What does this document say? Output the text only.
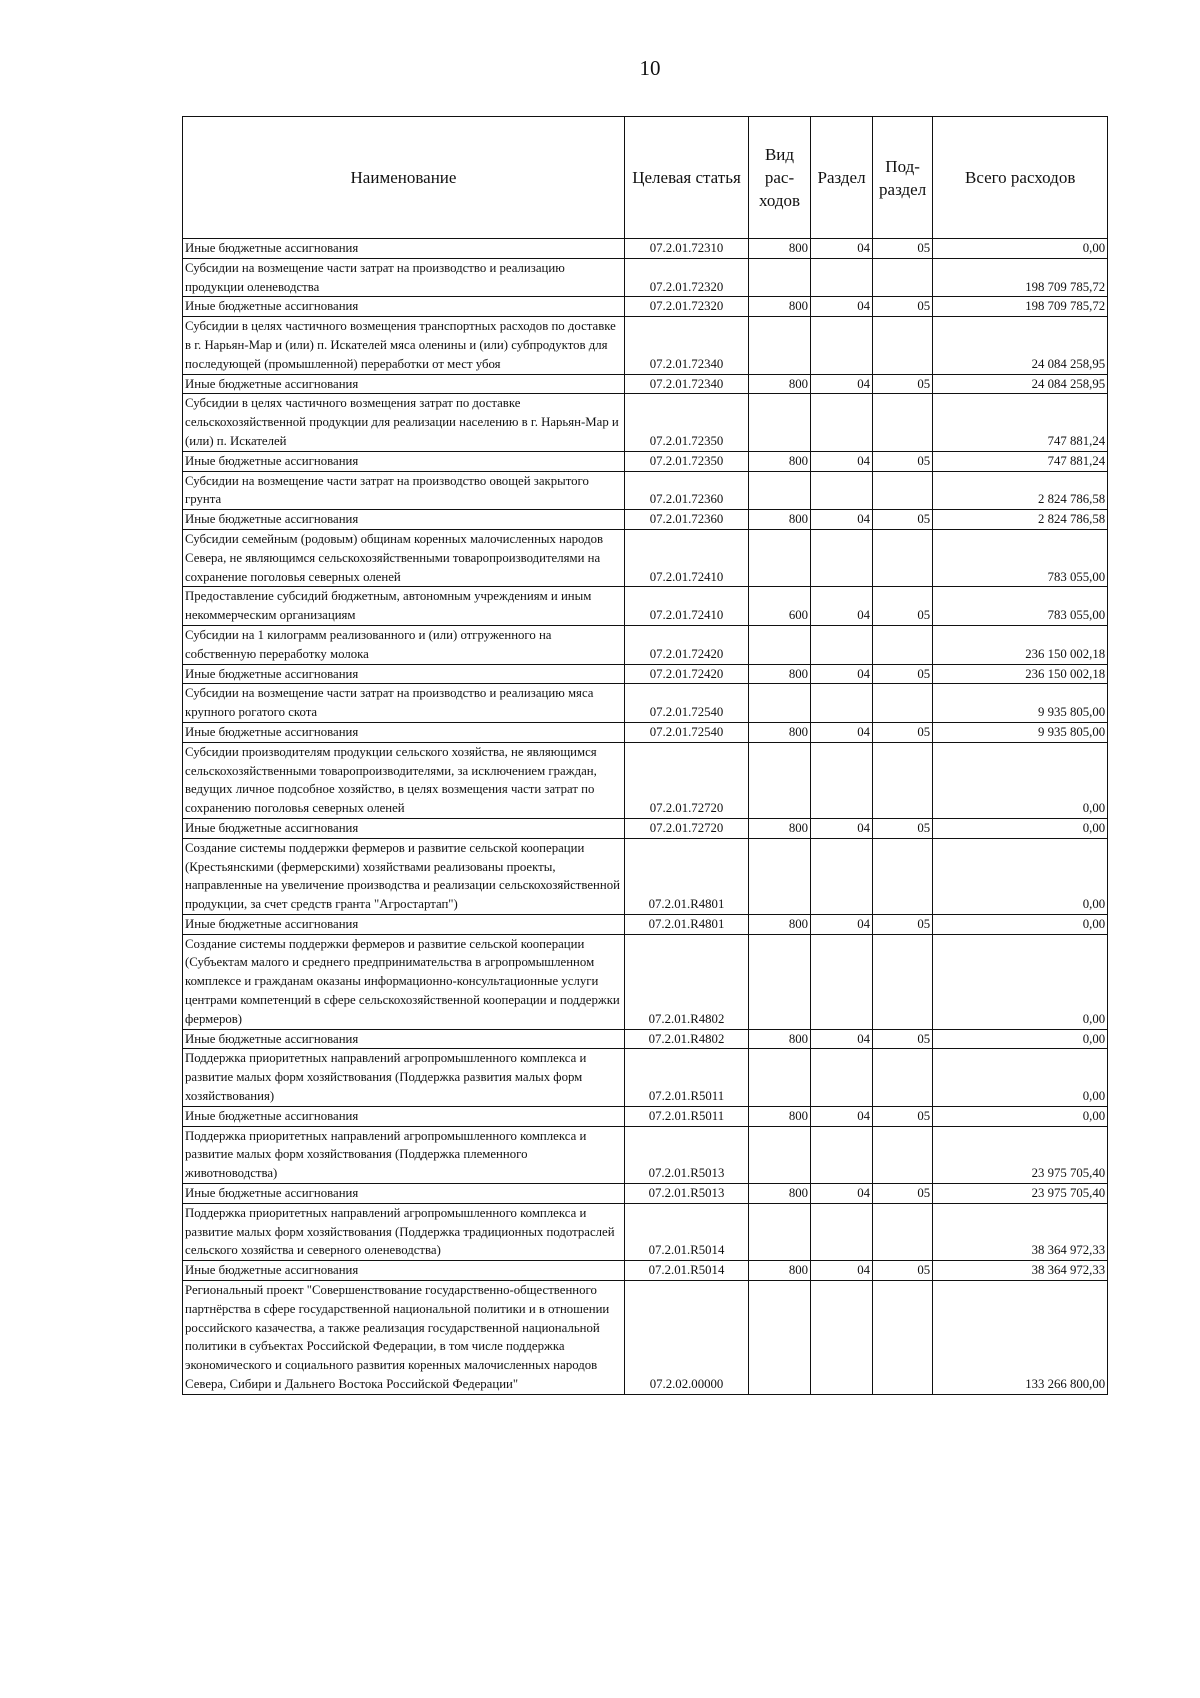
10
Наименование	Целевая статья	Вид рас- ходов	Раздел	Под- раздел	Всего расходов
Иные бюджетные ассигнования	07.2.01.72310	800	04	05	0,00
Субсидии на возмещение части затрат на производство и реализацию продукции оленеводства	07.2.01.72320				198 709 785,72
Иные бюджетные ассигнования	07.2.01.72320	800	04	05	198 709 785,72
Субсидии в целях частичного возмещения транспортных расходов по доставке в г. Нарьян-Мар и (или) п. Искателей мяса оленины и (или) субпродуктов для последующей (промышленной) переработки от мест убоя	07.2.01.72340				24 084 258,95
Иные бюджетные ассигнования	07.2.01.72340	800	04	05	24 084 258,95
Субсидии в целях частичного возмещения затрат по доставке сельскохозяйственной продукции для реализации населению в г. Нарьян-Мар и (или) п. Искателей	07.2.01.72350				747 881,24
Иные бюджетные ассигнования	07.2.01.72350	800	04	05	747 881,24
Субсидии на возмещение части затрат на производство овощей закрытого грунта	07.2.01.72360				2 824 786,58
Иные бюджетные ассигнования	07.2.01.72360	800	04	05	2 824 786,58
Субсидии семейным (родовым) общинам коренных малочисленных народов Севера, не являющимся сельскохозяйственными товаропроизводителями на сохранение поголовья северных оленей	07.2.01.72410				783 055,00
Предоставление субсидий бюджетным, автономным учреждениям и иным некоммерческим организациям	07.2.01.72410	600	04	05	783 055,00
Субсидии на 1 килограмм реализованного и (или) отгруженного на собственную переработку молока	07.2.01.72420				236 150 002,18
Иные бюджетные ассигнования	07.2.01.72420	800	04	05	236 150 002,18
Субсидии на возмещение части затрат на производство и реализацию мяса крупного рогатого скота	07.2.01.72540				9 935 805,00
Иные бюджетные ассигнования	07.2.01.72540	800	04	05	9 935 805,00
Субсидии производителям продукции сельского хозяйства, не являющимся сельскохозяйственными товаропроизводителями, за исключением граждан, ведущих личное подсобное хозяйство, в целях возмещения части затрат по сохранению поголовья северных оленей	07.2.01.72720				0,00
Иные бюджетные ассигнования	07.2.01.72720	800	04	05	0,00
Создание системы поддержки фермеров и развитие сельской кооперации (Крестьянскими (фермерскими) хозяйствами реализованы проекты, направленные на увеличение производства и реализации сельскохозяйственной продукции, за счет средств гранта "Агростартап")	07.2.01.R4801				0,00
Иные бюджетные ассигнования	07.2.01.R4801	800	04	05	0,00
Создание системы поддержки фермеров и развитие сельской кооперации (Субъектам малого и среднего предпринимательства в агропромышленном комплексе и гражданам оказаны информационно-консультационные услуги центрами компетенций в сфере сельскохозяйственной кооперации и поддержки фермеров)	07.2.01.R4802				0,00
Иные бюджетные ассигнования	07.2.01.R4802	800	04	05	0,00
Поддержка приоритетных направлений агропромышленного комплекса и развитие малых форм хозяйствования (Поддержка развития малых форм хозяйствования)	07.2.01.R5011				0,00
Иные бюджетные ассигнования	07.2.01.R5011	800	04	05	0,00
Поддержка приоритетных направлений агропромышленного комплекса и развитие малых форм хозяйствования (Поддержка племенного животноводства)	07.2.01.R5013				23 975 705,40
Иные бюджетные ассигнования	07.2.01.R5013	800	04	05	23 975 705,40
Поддержка приоритетных направлений агропромышленного комплекса и развитие малых форм хозяйствования (Поддержка традиционных подотраслей сельского хозяйства и северного оленеводства)	07.2.01.R5014				38 364 972,33
Иные бюджетные ассигнования	07.2.01.R5014	800	04	05	38 364 972,33
Региональный проект "Совершенствование государственно-общественного партнёрства в сфере государственной национальной политики и в отношении российского казачества, а также реализация государственной национальной политики в субъектах Российской Федерации, в том числе поддержка экономического и социального развития коренных малочисленных народов Севера, Сибири и Дальнего Востока Российской Федерации"	07.2.02.00000				133 266 800,00
